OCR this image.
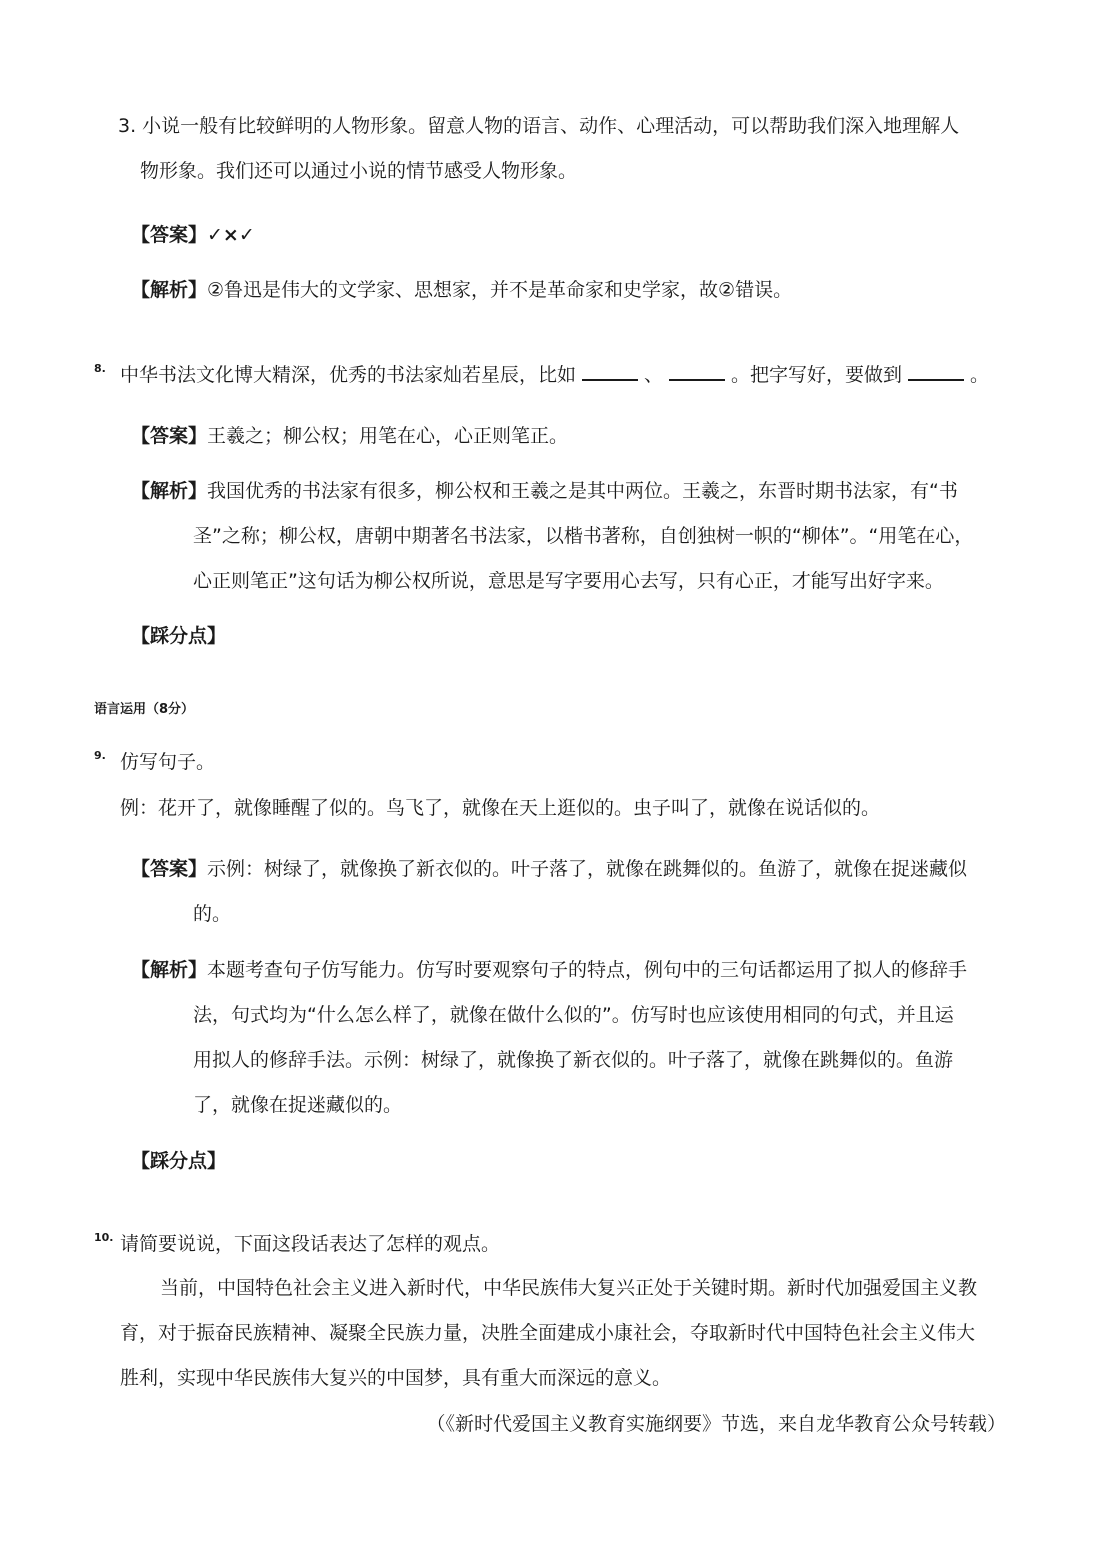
3. 小说一般有比较鲜明的人物形象。留意人物的语言、动作、心理活动，可以帮助我们深入地理解人
物形象。我们还可以通过小说的情节感受人物形象。
【答案】✓×✓
【解析】②鲁迅是伟大的文学家、思想家，并不是革命家和史学家，故②错误。
8. 中华书法文化博大精深，优秀的书法家灿若星辰，比如	、	。把字写好，要做到	。
【答案】王羲之；柳公权；用笔在心，心正则笔正。
【解析】我国优秀的书法家有很多，柳公权和王羲之是其中两位。王羲之，东晋时期书法家，有“书
圣”之称；柳公权，唐朝中期著名书法家，以楷书著称，自创独树一帜的“柳体”。“用笔在心，
心正则笔正”这句话为柳公权所说，意思是写字要用心去写，只有心正，才能写出好字来。
【踩分点】
语言运用（8分）
9. 仿写句子。
例：花开了，就像睡醒了似的。鸟飞了，就像在天上逛似的。虫子叫了，就像在说话似的。
【答案】示例：树绿了，就像换了新衣似的。叶子落了，就像在跳舞似的。鱼游了，就像在捉迷藏似
的。
【解析】本题考查句子仿写能力。仿写时要观察句子的特点，例句中的三句话都运用了拟人的修辞手
法，句式均为“什么怎么样了，就像在做什么似的”。仿写时也应该使用相同的句式，并且运
用拟人的修辞手法。示例：树绿了，就像换了新衣似的。叶子落了，就像在跳舞似的。鱼游
了，就像在捉迷藏似的。
【踩分点】
10. 请简要说说，下面这段话表达了怎样的观点。
当前，中国特色社会主义进入新时代，中华民族伟大复兴正处于关键时期。新时代加强爱国主义教
育，对于振奋民族精神、凝聚全民族力量，决胜全面建成小康社会，夺取新时代中国特色社会主义伟大
胜利，实现中华民族伟大复兴的中国梦，具有重大而深远的意义。
（《新时代爱国主义教育实施纲要》节选，来自龙华教育公众号转载）
